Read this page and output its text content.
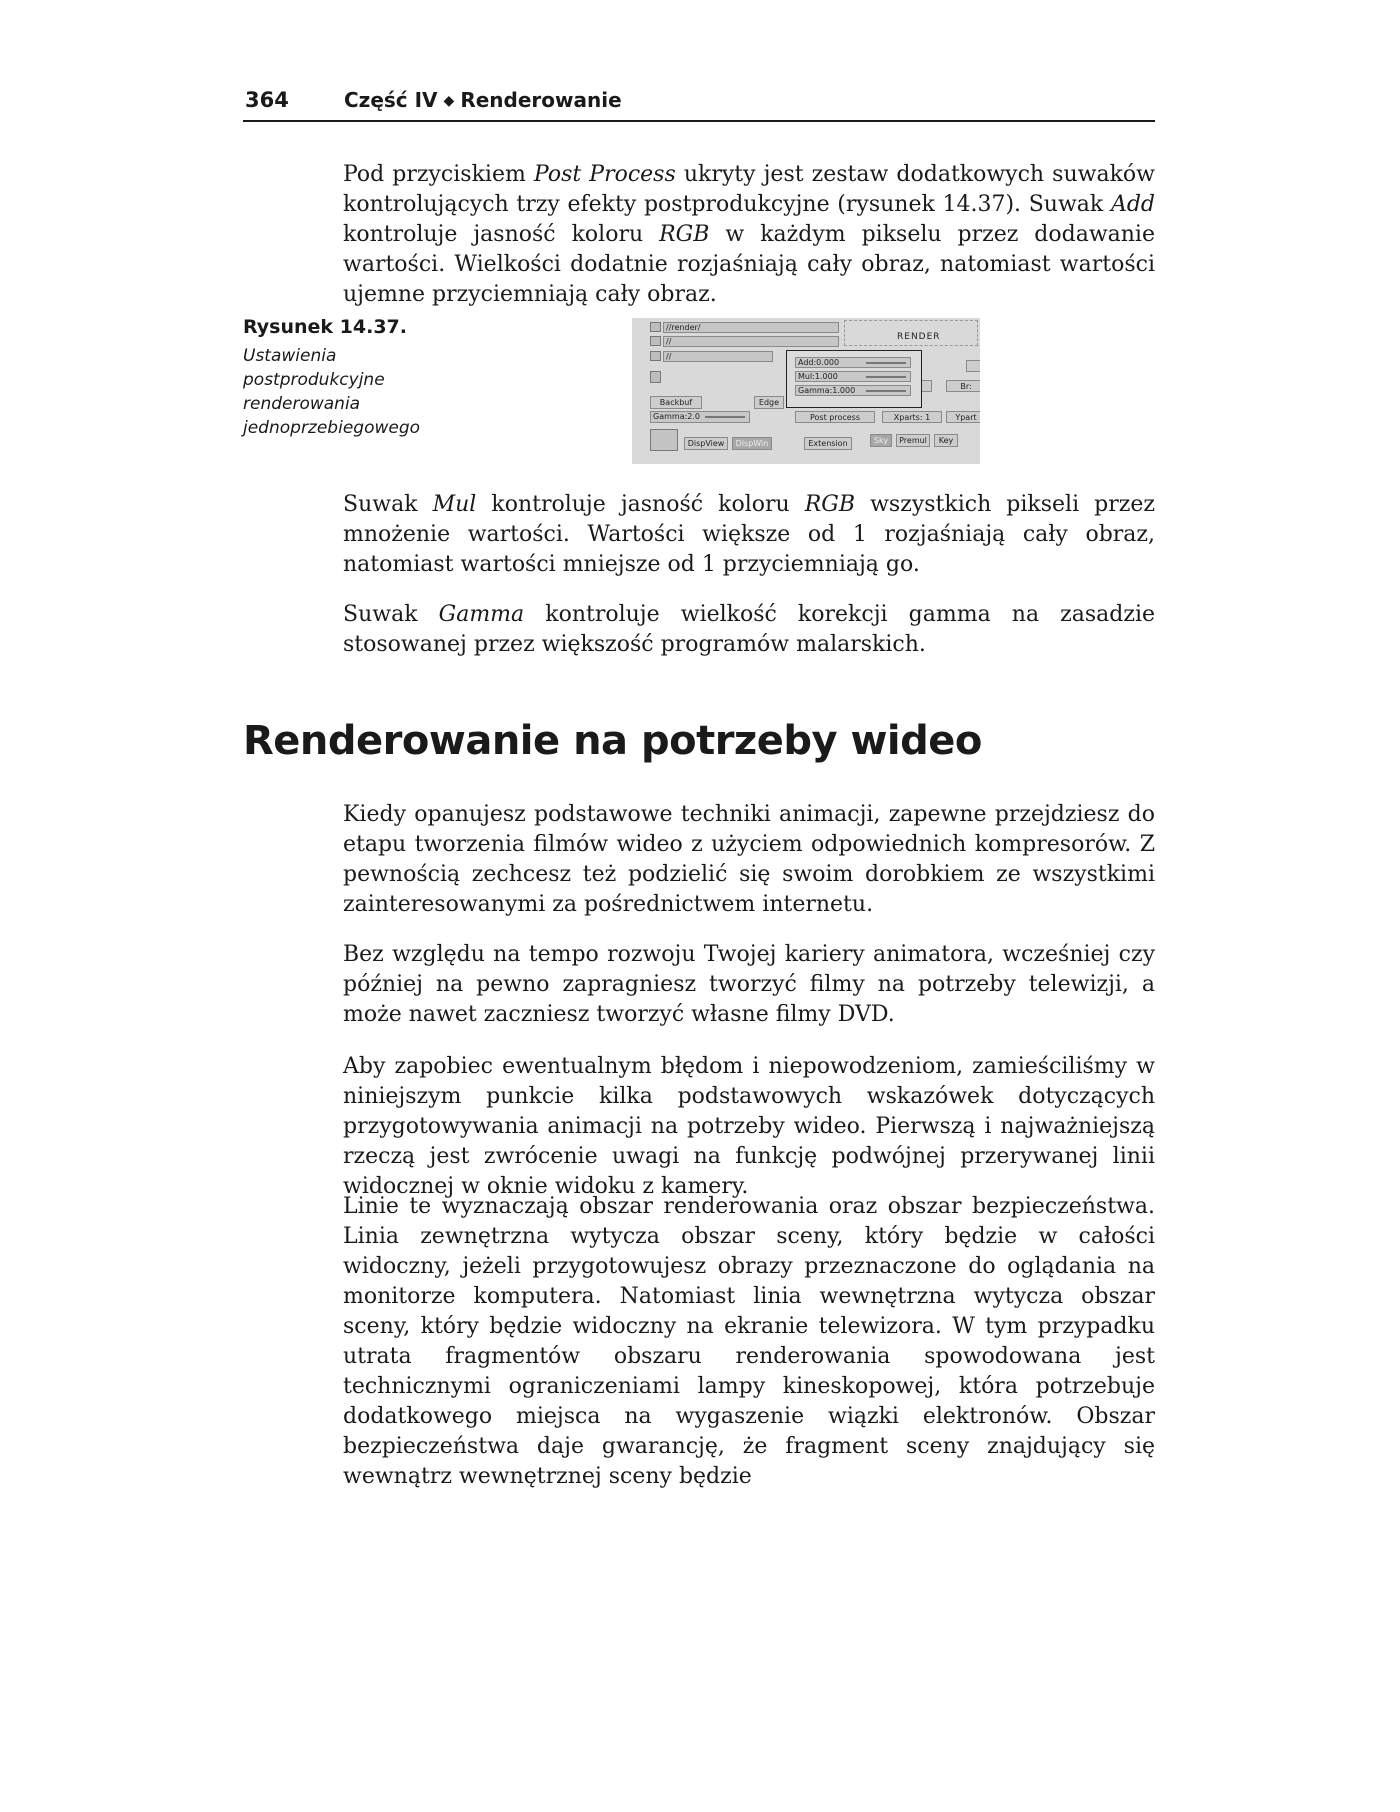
364	Część IV ◆ Renderowanie

Pod przyciskiem Post Process ukryty jest zestaw dodatkowych suwaków kontrolujących trzy efekty postprodukcyjne (rysunek 14.37). Suwak Add kontroluje jasność koloru RGB w każdym pikselu przez dodawanie wartości. Wielkości dodatnie rozjaśniają cały obraz, natomiast wartości ujemne przyciemniają cały obraz.

Rysunek 14.37.
Ustawienia postprodukcyjne renderowania jednoprzebiegowego
//render/
//
//
RENDER
Backbuf	Edge
Gamma:2.0	Post process	Xparts: 1	Ypart
Br:
DispView	DispWin	Extension	Sky	Premul	Key
Add:0.000
Mul:1.000
Gamma:1.000

Suwak Mul kontroluje jasność koloru RGB wszystkich pikseli przez mnożenie wartości. Wartości większe od 1 rozjaśniają cały obraz, natomiast wartości mniejsze od 1 przyciemniają go.

Suwak Gamma kontroluje wielkość korekcji gamma na zasadzie stosowanej przez większość programów malarskich.

Renderowanie na potrzeby wideo

Kiedy opanujesz podstawowe techniki animacji, zapewne przejdziesz do etapu tworzenia filmów wideo z użyciem odpowiednich kompresorów. Z pewnością zechcesz też podzielić się swoim dorobkiem ze wszystkimi zainteresowanymi za pośrednictwem internetu.

Bez względu na tempo rozwoju Twojej kariery animatora, wcześniej czy później na pewno zapragniesz tworzyć filmy na potrzeby telewizji, a może nawet zaczniesz tworzyć własne filmy DVD.

Aby zapobiec ewentualnym błędom i niepowodzeniom, zamieściliśmy w niniejszym punkcie kilka podstawowych wskazówek dotyczących przygotowywania animacji na potrzeby wideo. Pierwszą i najważniejszą rzeczą jest zwrócenie uwagi na funkcję podwójnej przerywanej linii widocznej w oknie widoku z kamery.

Linie te wyznaczają obszar renderowania oraz obszar bezpieczeństwa. Linia zewnętrzna wytycza obszar sceny, który będzie w całości widoczny, jeżeli przygotowujesz obrazy przeznaczone do oglądania na monitorze komputera. Natomiast linia wewnętrzna wytycza obszar sceny, który będzie widoczny na ekranie telewizora. W tym przypadku utrata fragmentów obszaru renderowania spowodowana jest technicznymi ograniczeniami lampy kineskopowej, która potrzebuje dodatkowego miejsca na wygaszenie wiązki elektronów. Obszar bezpieczeństwa daje gwarancję, że fragment sceny znajdujący się wewnątrz wewnętrznej sceny będzie
